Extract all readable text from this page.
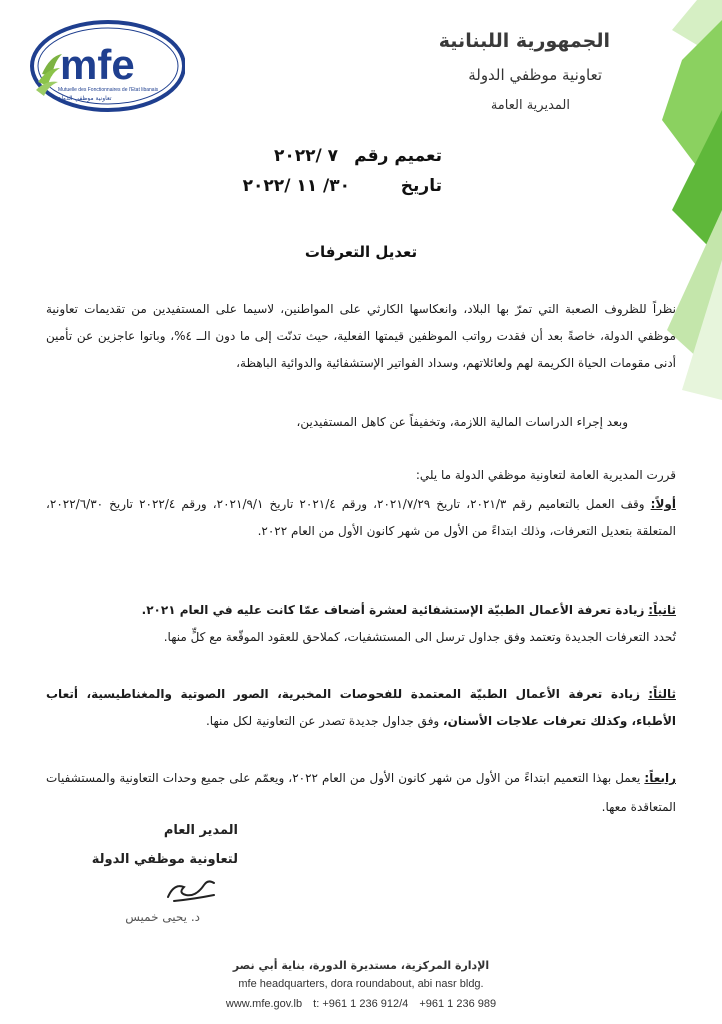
mfe
Mutuelle des Fonctionnaires de l'Etat libanais
تعاونية موظفي الدولة
الجمهورية اللبنانية
تعاونية موظفي الدولة
المديرية العامة
تعميم رقم
٧ /٢٠٢٢
تاريخ
٣٠/ ١١ /٢٠٢٢
تعديل التعرفات
نظراً للظروف الصعبة التي تمرّ بها البلاد، وانعكاسها الكارثي على المواطنين، لاسيما على المستفيدين من تقديمات تعاونية موظفي الدولة، خاصةً بعد أن فقدت رواتب الموظفين قيمتها الفعلية، حيث تدنّت إلى ما دون الــ ٤%، وباتوا عاجزين عن تأمين أدنى مقومات الحياة الكريمة لهم ولعائلاتهم، وسداد الفواتير الإستشفائية والدوائية الباهظة،
وبعد إجراء الدراسات المالية اللازمة، وتخفيفاً عن كاهل المستفيدين،
قررت المديرية العامة لتعاونية موظفي الدولة ما يلي:
أولاً: وقف العمل بالتعاميم رقم ٢٠٢١/٣، تاريخ ٢٠٢١/٧/٢٩، ورقم ٢٠٢١/٤ تاريخ ٢٠٢١/٩/١، ورقم ٢٠٢٢/٤ تاريخ ٢٠٢٢/٦/٣٠، المتعلقة بتعديل التعرفات، وذلك ابتداءً من الأول من شهر كانون الأول من العام ٢٠٢٢.
ثانياً: زيادة تعرفة الأعمال الطبيّة الإستشفائية لعشرة أضعاف عمّا كانت عليه في العام ٢٠٢١.
تُحدد التعرفات الجديدة وتعتمد وفق جداول ترسل الى المستشفيات، كملاحق للعقود الموقّعة مع كلٍّ منها.
ثالثاً: زيادة تعرفة الأعمال الطبيّة المعتمدة للفحوصات المخبرية، الصور الصوتية والمغناطيسية، أتعاب الأطباء، وكذلك تعرفات علاجات الأسنان، وفق جداول جديدة تصدر عن التعاونية لكل منها.
رابعاً: يعمل بهذا التعميم ابتداءً من الأول من شهر كانون الأول من العام ٢٠٢٢، ويعمّم على جميع وحدات التعاونية والمستشفيات المتعاقدة معها.
المدير العام
لتعاونية موظفي الدولة
د. يحيى خميس
الإدارة المركزية، مستديرة الدورة، بناية أبي نصر
mfe headquarters, dora roundabout, abi nasr bldg.
www.mfe.gov.lb t: +961 1 236 912/4 +961 1 236 989
